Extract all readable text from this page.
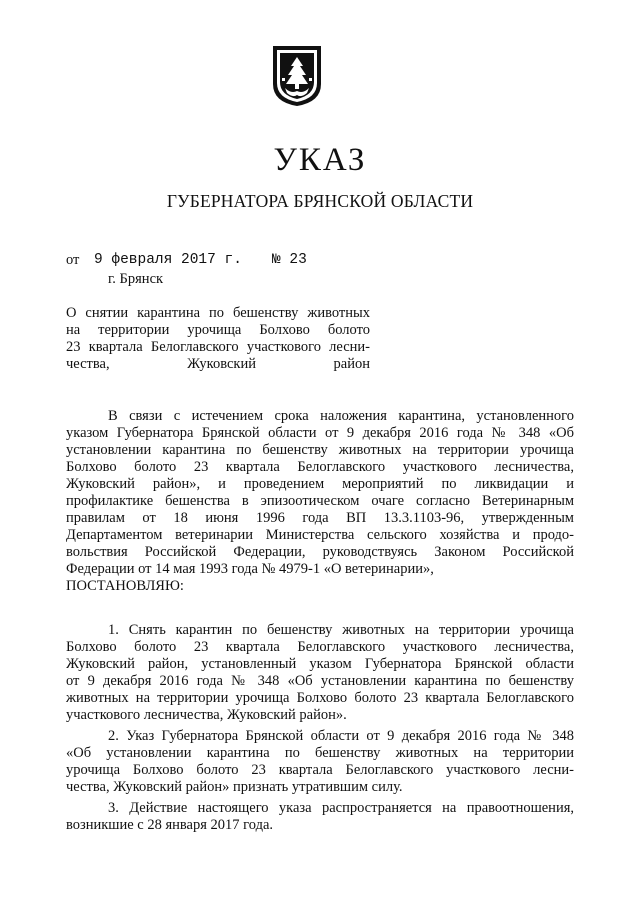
УКАЗ
ГУБЕРНАТОРА БРЯНСКОЙ ОБЛАСТИ
от 9 февраля 2017 г. № 23
г. Брянск
О снятии карантина по бешенству животных
на территории урочища Болхово болото
23 квартала Белоглавского участкового лесни-
чества, Жуковский район
В связи с истечением срока наложения карантина, установленного
указом Губернатора Брянской области от 9 декабря 2016 года № 348 «Об
установлении карантина по бешенству животных на территории урочища
Болхово болото 23 квартала Белоглавского участкового лесничества,
Жуковский район», и проведением мероприятий по ликвидации и
профилактике бешенства в эпизоотическом очаге согласно Ветеринарным
правилам от 18 июня 1996 года ВП 13.3.1103-96, утвержденным
Департаментом ветеринарии Министерства сельского хозяйства и продо-
вольствия Российской Федерации, руководствуясь Законом Российской
Федерации от 14 мая 1993 года № 4979-1 «О ветеринарии»,
ПОСТАНОВЛЯЮ:
1. Снять карантин по бешенству животных на территории урочища
Болхово болото 23 квартала Белоглавского участкового лесничества,
Жуковский район, установленный указом Губернатора Брянской области
от 9 декабря 2016 года № 348 «Об установлении карантина по бешенству
животных на территории урочища Болхово болото 23 квартала Белоглавского
участкового лесничества, Жуковский район».
2. Указ Губернатора Брянской области от 9 декабря 2016 года № 348
«Об установлении карантина по бешенству животных на территории
урочища Болхово болото 23 квартала Белоглавского участкового лесни-
чества, Жуковский район» признать утратившим силу.
3. Действие настоящего указа распространяется на правоотношения,
возникшие с 28 января 2017 года.
